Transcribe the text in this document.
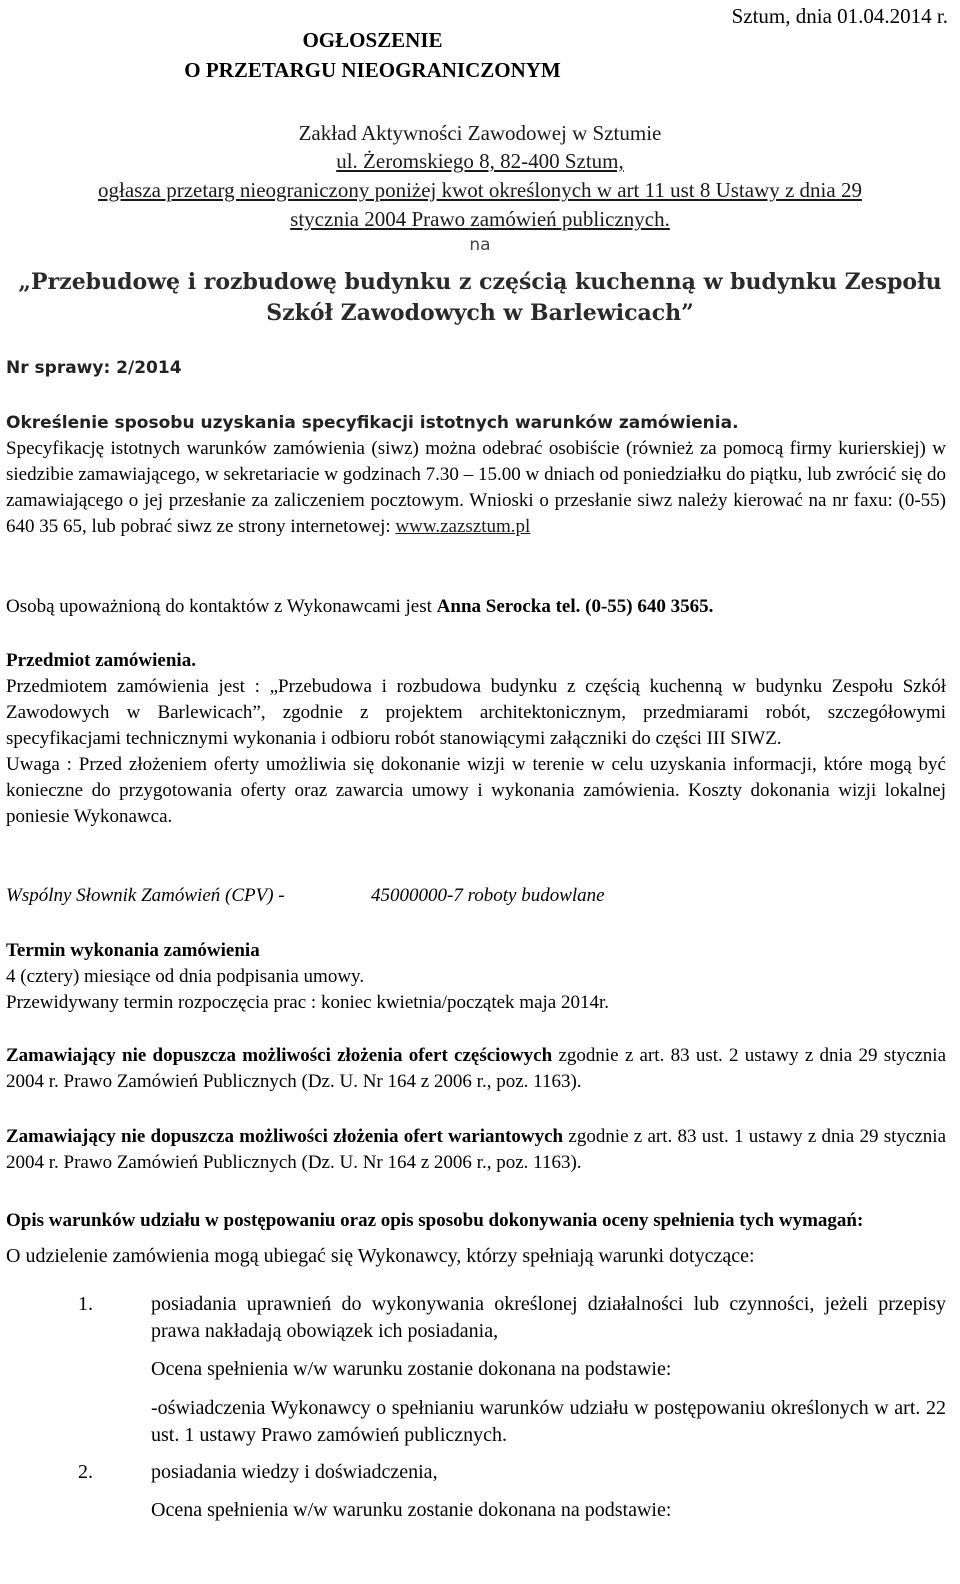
Sztum, dnia 01.04.2014 r.
OGŁOSZENIE
O PRZETARGU NIEOGRANICZONYM
Zakład Aktywności Zawodowej w Sztumie
ul. Żeromskiego 8, 82-400 Sztum,
ogłasza przetarg nieograniczony poniżej kwot określonych w art 11 ust 8 Ustawy z dnia 29
stycznia 2004 Prawo zamówień publicznych.
na
„Przebudowę i rozbudowę budynku z częścią kuchenną w budynku Zespołu
Szkół Zawodowych w Barlewicach”
Nr sprawy: 2/2014

Określenie sposobu uzyskania specyfikacji istotnych warunków zamówienia.

Specyfikację istotnych warunków zamówienia (siwz) można odebrać osobiście (również za pomocą firmy kurierskiej) w siedzibie zamawiającego, w sekretariacie w godzinach 7.30 – 15.00 w dniach od poniedziałku do piątku, lub zwrócić się do zamawiającego o jej przesłanie za zaliczeniem pocztowym. Wnioski o przesłanie siwz należy kierować na nr faxu: (0-55) 640 35 65, lub pobrać siwz ze strony internetowej: www.zazsztum.pl

Osobą upoważnioną do kontaktów z Wykonawcami jest Anna Serocka tel. (0-55) 640 3565.

Przedmiot zamówienia.

Przedmiotem zamówienia jest : „Przebudowa i rozbudowa budynku z częścią kuchenną w budynku Zespołu Szkół Zawodowych w Barlewicach”, zgodnie z projektem architektonicznym, przedmiarami robót, szczegółowymi specyfikacjami technicznymi wykonania i odbioru robót stanowiącymi załączniki do części III SIWZ.

Uwaga : Przed złożeniem oferty umożliwia się dokonanie wizji w terenie w celu uzyskania informacji, które mogą być konieczne do przygotowania oferty oraz zawarcia umowy i wykonania zamówienia. Koszty dokonania wizji lokalnej poniesie Wykonawca.

Wspólny Słownik Zamówień (CPV) -	45000000-7 roboty budowlane

Termin wykonania zamówienia

4 (cztery) miesiące od dnia podpisania umowy.

Przewidywany termin rozpoczęcia prac : koniec kwietnia/początek maja 2014r.

Zamawiający nie dopuszcza możliwości złożenia ofert częściowych zgodnie z art. 83 ust. 2 ustawy z dnia 29 stycznia 2004 r. Prawo Zamówień Publicznych (Dz. U. Nr 164 z 2006 r., poz. 1163).

Zamawiający nie dopuszcza możliwości złożenia ofert wariantowych zgodnie z art. 83 ust. 1 ustawy z dnia 29 stycznia 2004 r. Prawo Zamówień Publicznych (Dz. U. Nr 164 z 2006 r., poz. 1163).

Opis warunków udziału w postępowaniu oraz opis sposobu dokonywania oceny spełnienia tych wymagań:

O udzielenie zamówienia mogą ubiegać się Wykonawcy, którzy spełniają warunki dotyczące:

1.	posiadania uprawnień do wykonywania określonej działalności lub czynności, jeżeli przepisy prawa nakładają obowiązek ich posiadania,
Ocena spełnienia w/w warunku zostanie dokonana na podstawie:
-oświadczenia Wykonawcy o spełnianiu warunków udziału w postępowaniu określonych w art. 22 ust. 1 ustawy Prawo zamówień publicznych.
2.	posiadania wiedzy i doświadczenia,
Ocena spełnienia w/w warunku zostanie dokonana na podstawie:
